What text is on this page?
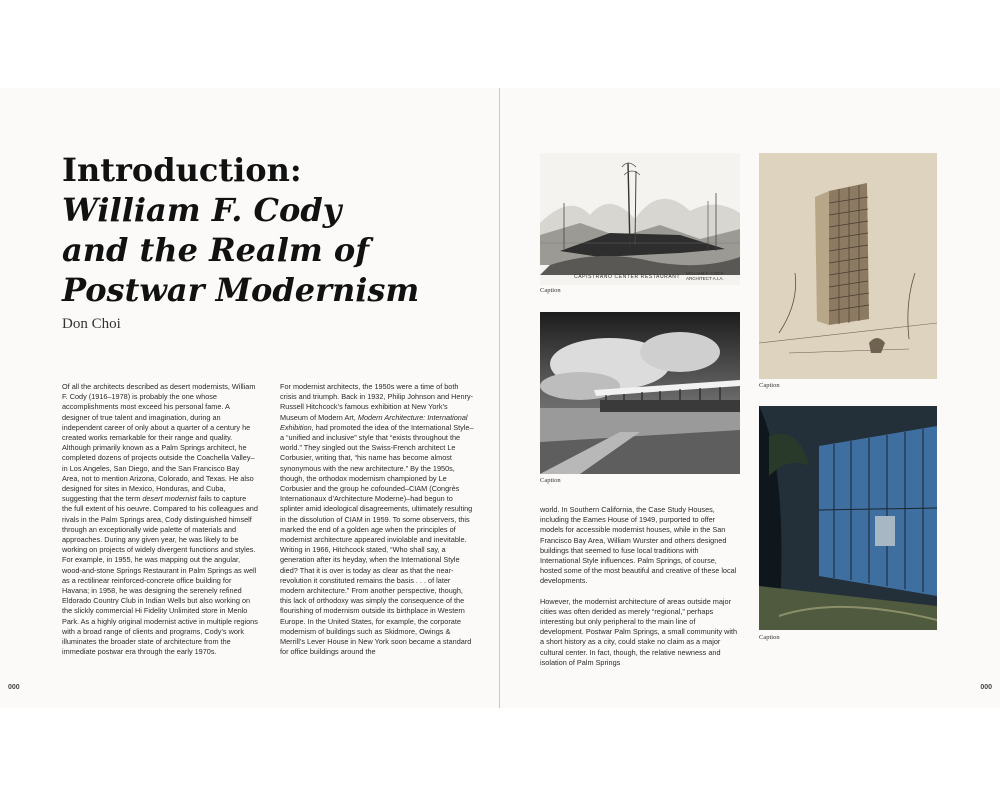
Introduction:
William F. Cody
and the Realm of
Postwar Modernism
Don Choi

Of all the architects described as desert modernists, William F. Cody (1916–1978) is probably the one whose accomplishments most exceed his personal fame. A designer of true talent and imagination, during an independent career of only about a quarter of a century he created works remarkable for their range and quality. Although primarily known as a Palm Springs architect, he completed dozens of projects outside the Coachella Valley–in Los Angeles, San Diego, and the San Francisco Bay Area, not to mention Arizona, Colorado, and Texas. He also designed for sites in Mexico, Honduras, and Cuba, suggesting that the term desert modernist fails to capture the full extent of his oeuvre. Compared to his colleagues and rivals in the Palm Springs area, Cody distinguished himself through an exceptionally wide palette of materials and approaches. During any given year, he was likely to be working on projects of widely divergent functions and styles. For example, in 1955, he was mapping out the angular, wood-and-stone Springs Restaurant in Palm Springs as well as a rectilinear reinforced-concrete office building for Havana; in 1958, he was designing the serenely refined Eldorado Country Club in Indian Wells but also working on the slickly commercial Hi Fidelity Unlimited store in Menlo Park. As a highly original modernist active in multiple regions with a broad range of clients and programs, Cody’s work illuminates the broader state of architecture from the immediate postwar era through the early 1970s.

For modernist architects, the 1950s were a time of both crisis and triumph. Back in 1932, Philip Johnson and Henry-Russell Hitchcock’s famous exhibition at New York’s Museum of Modern Art, Modern Architecture: International Exhibition, had promoted the idea of the International Style–a “unified and inclusive” style that “exists throughout the world.” They singled out the Swiss-French architect Le Corbusier, writing that, “his name has become almost synonymous with the new architecture.” By the 1950s, though, the orthodox modernism championed by Le Corbusier and the group he cofounded–CIAM (Congrès Internationaux d’Architecture Moderne)–had begun to splinter amid ideological disagreements, ultimately resulting in the dissolution of CIAM in 1959. To some observers, this marked the end of a golden age when the principles of modernist architecture appeared inviolable and inevitable. Writing in 1966, Hitchcock stated, “Who shall say, a generation after its heyday, when the International Style died? That it is over is today as clear as that the near-revolution it constituted remains the basis . . . of later modern architecture.” From another perspective, though, this lack of orthodoxy was simply the consequence of the flourishing of modernism outside its birthplace in Western Europe. In the United States, for example, the corporate modernism of buildings such as Skidmore, Owings & Merrill’s Lever House in New York soon became a standard for office buildings around the

000
CAPISTRANO CENTER RESTAURANT
WILLIAM F. CODY ARCHITECT A.I.A.
Caption
Caption
Caption
Caption

world. In Southern California, the Case Study Houses, including the Eames House of 1949, purported to offer models for accessible modernist houses, while in the San Francisco Bay Area, William Wurster and others designed buildings that seemed to fuse local traditions with International Style influences. Palm Springs, of course, hosted some of the most beautiful and creative of these local developments.

However, the modernist architecture of areas outside major cities was often derided as merely “regional,” perhaps interesting but only peripheral to the main line of development. Postwar Palm Springs, a small community with a short history as a city, could stake no claim as a major cultural center. In fact, though, the relative newness and isolation of Palm Springs

000
